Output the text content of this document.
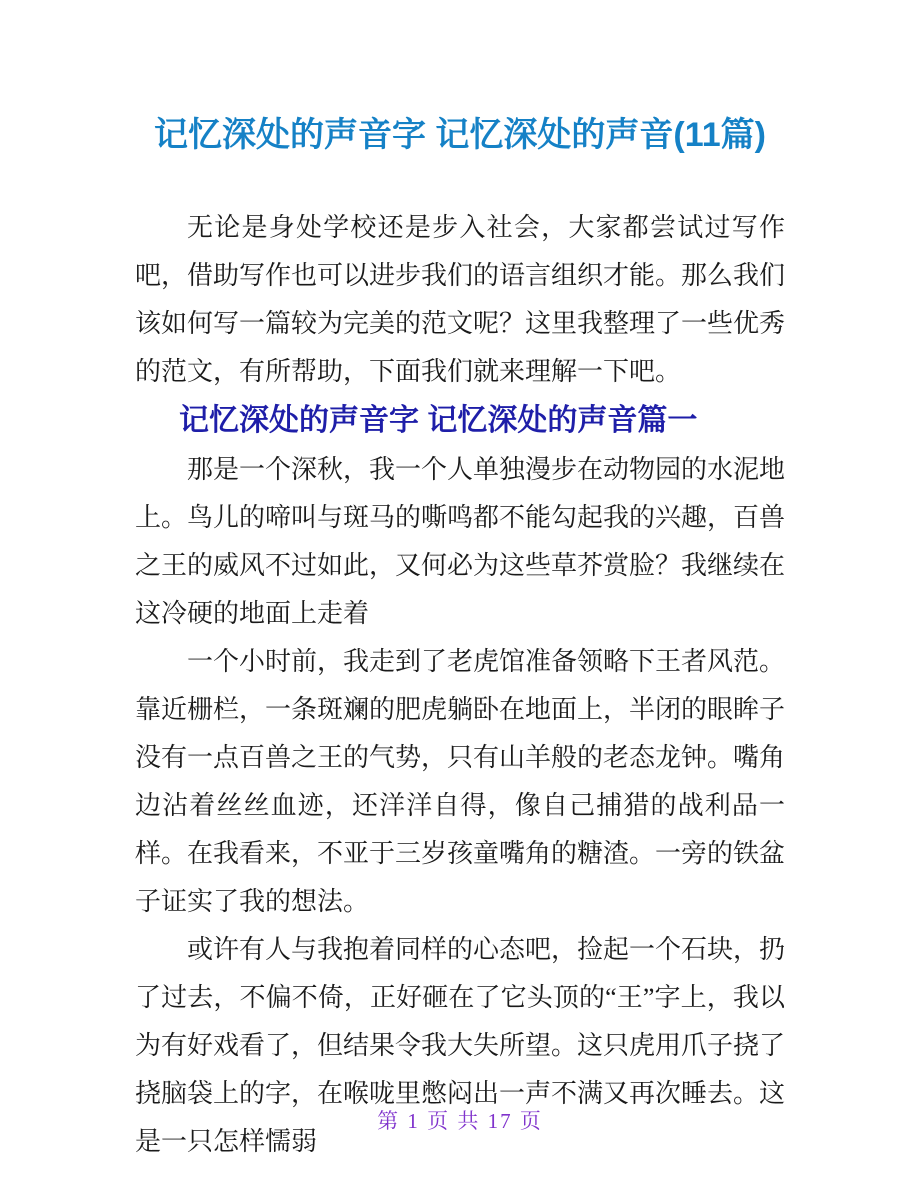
记忆深处的声音字 记忆深处的声音(11篇)

无论是身处学校还是步入社会，大家都尝试过写作吧，借助写作也可以进步我们的语言组织才能。那么我们该如何写一篇较为完美的范文呢？这里我整理了一些优秀的范文，有所帮助，下面我们就来理解一下吧。

记忆深处的声音字 记忆深处的声音篇一

那是一个深秋，我一个人单独漫步在动物园的水泥地上。鸟儿的啼叫与斑马的嘶鸣都不能勾起我的兴趣，百兽之王的威风不过如此，又何必为这些草芥赏脸？我继续在这冷硬的地面上走着

一个小时前，我走到了老虎馆准备领略下王者风范。靠近栅栏，一条斑斓的肥虎躺卧在地面上，半闭的眼眸子没有一点百兽之王的气势，只有山羊般的老态龙钟。嘴角边沾着丝丝血迹，还洋洋自得，像自己捕猎的战利品一样。在我看来，不亚于三岁孩童嘴角的糖渣。一旁的铁盆子证实了我的想法。

或许有人与我抱着同样的心态吧，捡起一个石块，扔了过去，不偏不倚，正好砸在了它头顶的“王”字上，我以为有好戏看了，但结果令我大失所望。这只虎用爪子挠了挠脑袋上的字，在喉咙里憋闷出一声不满又再次睡去。这是一只怎样懦弱

第 1 页 共 17 页
